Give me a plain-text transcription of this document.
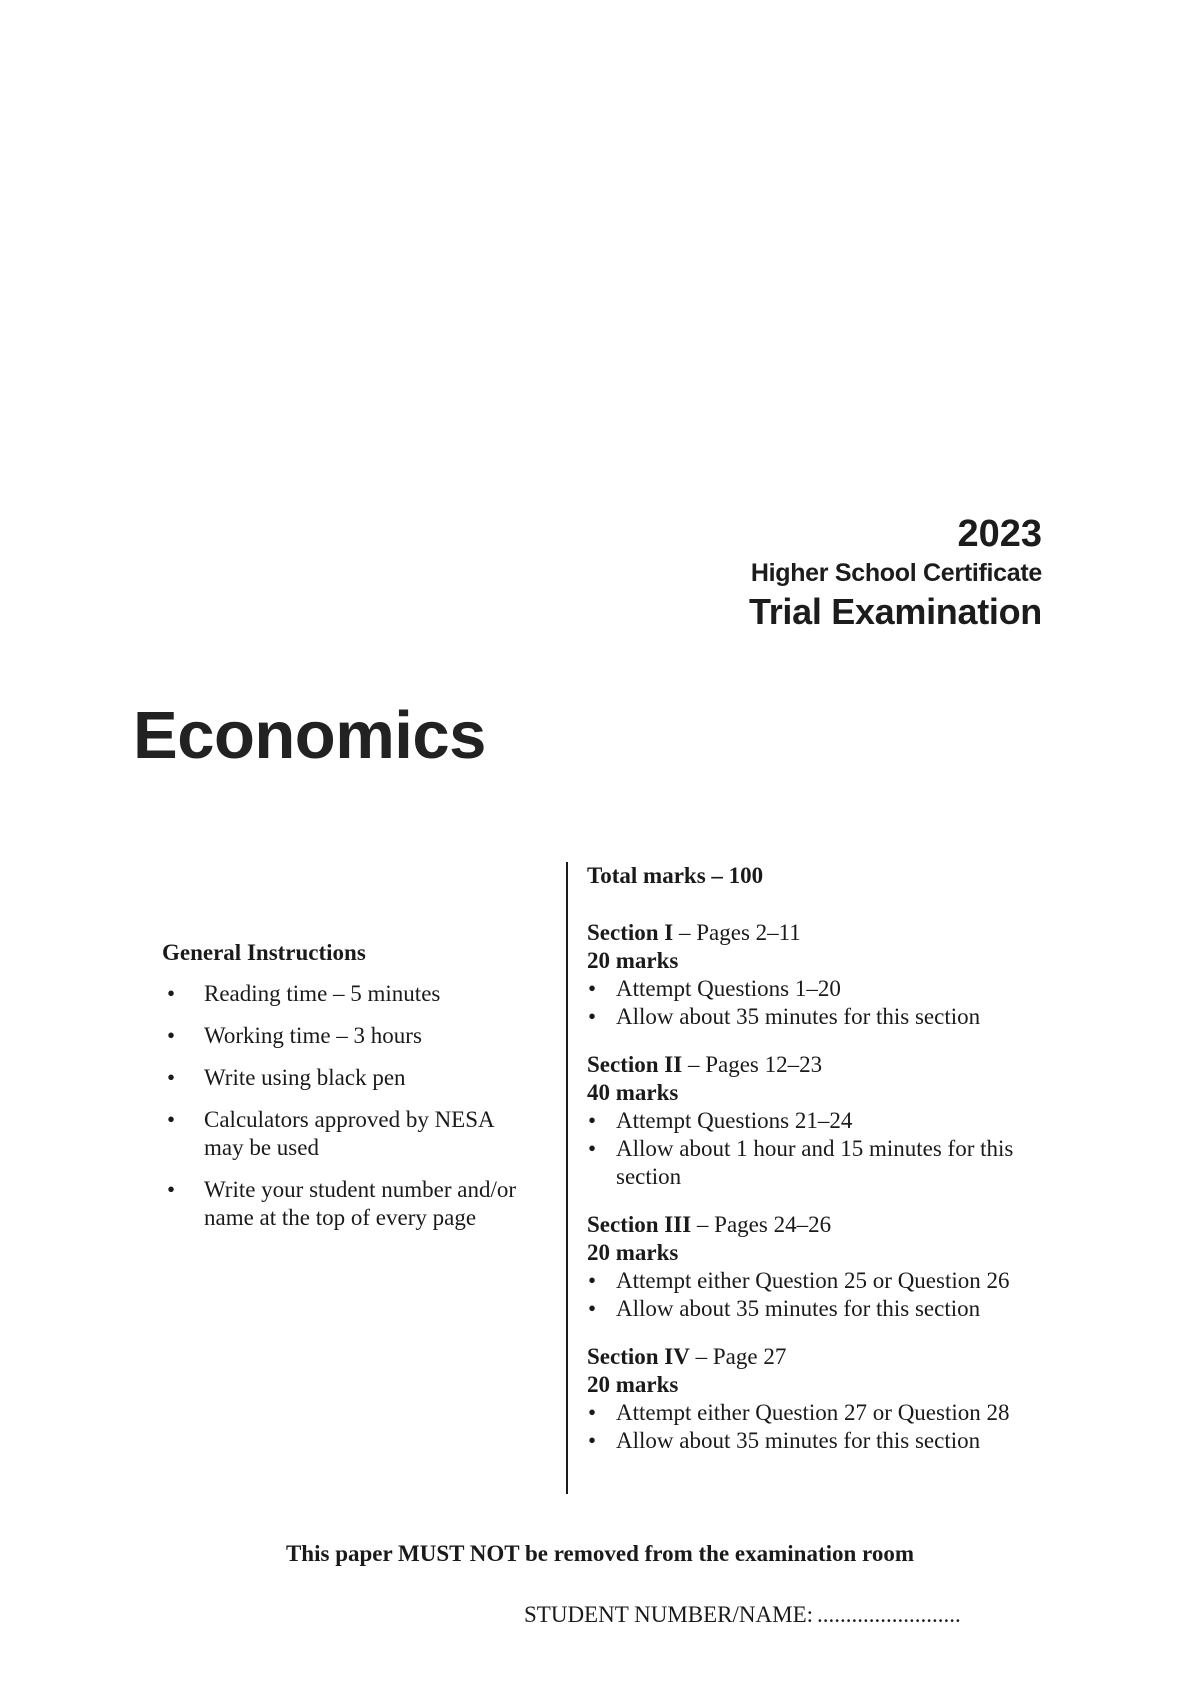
2023
Higher School Certificate
Trial Examination
Economics
General Instructions
• Reading time – 5 minutes
• Working time – 3 hours
• Write using black pen
• Calculators approved by NESA may be used
• Write your student number and/or name at the top of every page
Total marks – 100
Section I – Pages 2–11
20 marks
• Attempt Questions 1–20
• Allow about 35 minutes for this section
Section II – Pages 12–23
40 marks
• Attempt Questions 21–24
• Allow about 1 hour and 15 minutes for this section
Section III – Pages 24–26
20 marks
• Attempt either Question 25 or Question 26
• Allow about 35 minutes for this section
Section IV – Page 27
20 marks
• Attempt either Question 27 or Question 28
• Allow about 35 minutes for this section
This paper MUST NOT be removed from the examination room
STUDENT NUMBER/NAME: .........................
